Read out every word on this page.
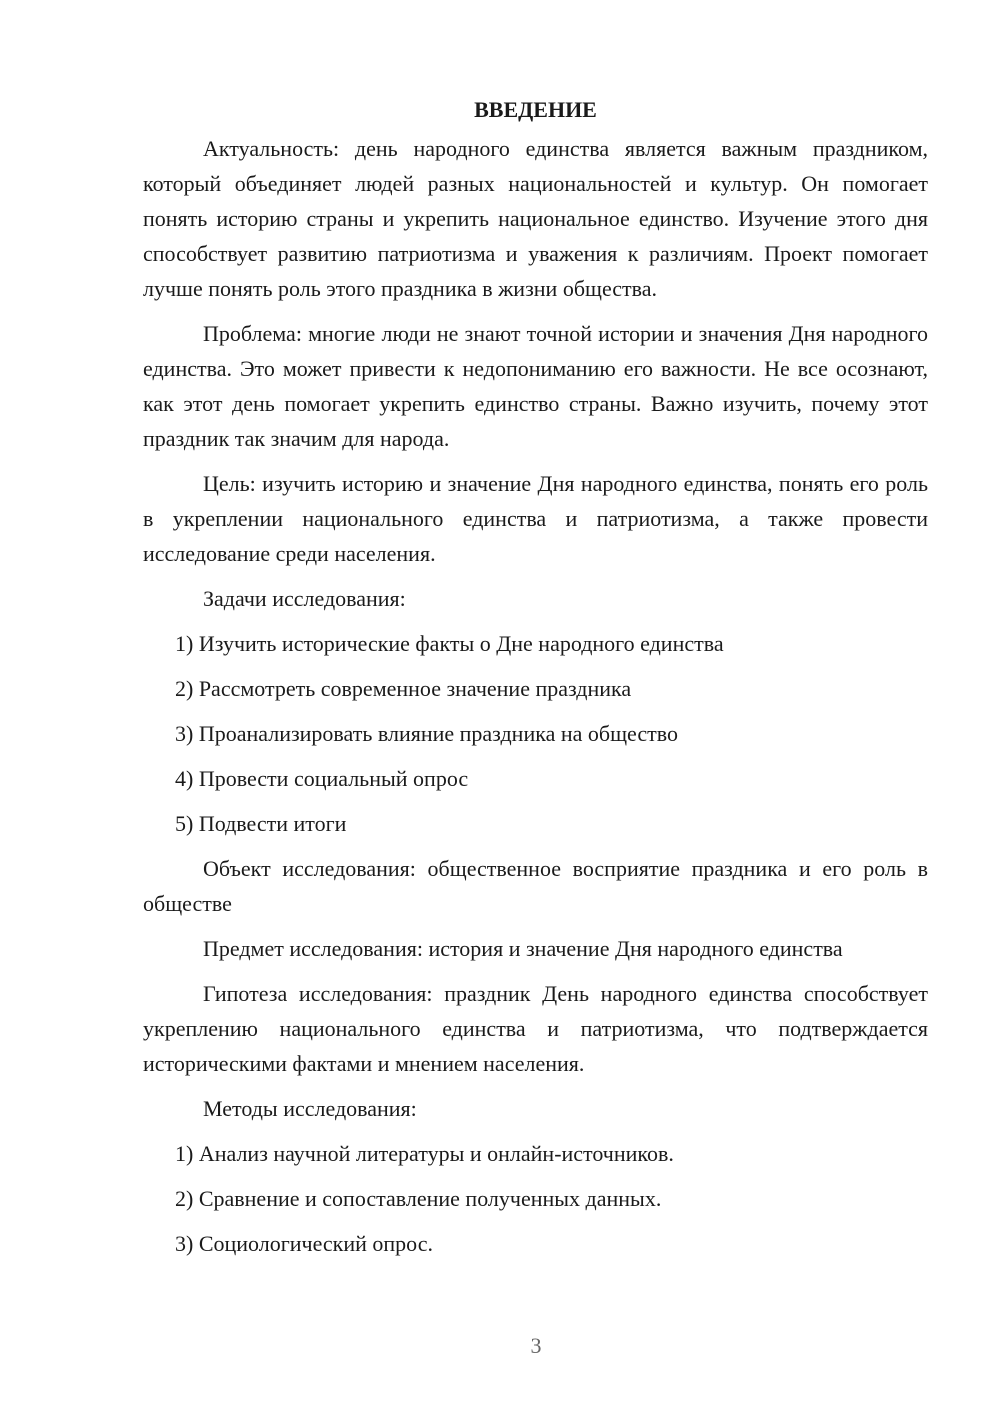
ВВЕДЕНИЕ

Актуальность: день народного единства является важным праздником, который объединяет людей разных национальностей и культур. Он помогает понять историю страны и укрепить национальное единство. Изучение этого дня способствует развитию патриотизма и уважения к различиям. Проект помогает лучше понять роль этого праздника в жизни общества.

Проблема: многие люди не знают точной истории и значения Дня народного единства. Это может привести к недопониманию его важности. Не все осознают, как этот день помогает укрепить единство страны. Важно изучить, почему этот праздник так значим для народа.

Цель: изучить историю и значение Дня народного единства, понять его роль в укреплении национального единства и патриотизма, а также провести исследование среди населения.

Задачи исследования:
1) Изучить исторические факты о Дне народного единства
2) Рассмотреть современное значение праздника
3) Проанализировать влияние праздника на общество
4) Провести социальный опрос
5) Подвести итоги

Объект исследования: общественное восприятие праздника и его роль в обществе

Предмет исследования: история и значение Дня народного единства

Гипотеза исследования: праздник День народного единства способствует укреплению национального единства и патриотизма, что подтверждается историческими фактами и мнением населения.

Методы исследования:
1) Анализ научной литературы и онлайн-источников.
2) Сравнение и сопоставление полученных данных.
3) Социологический опрос.
3
